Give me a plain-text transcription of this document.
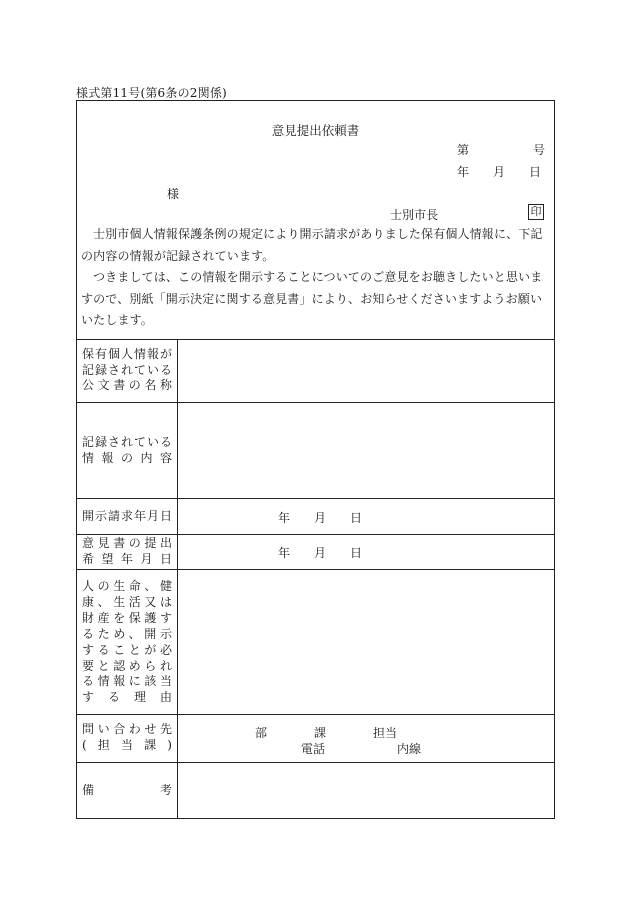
様式第11号(第6条の2関係)
意見提出依頼書
第	号
年 月 日
様
士別市長	印
士別市個人情報保護条例の規定により開示請求がありました保有個人情報に、下記の内容の情報が記録されています。
つきましては、この情報を開示することについてのご意見をお聴きしたいと思いますので、別紙「開示決定に関する意見書」により、お知らせくださいますようお願いいたします。
保有個人情報が
記録されている
公文書の名称
記録されている
情報の内容
開示請求年月日	年 月 日
意見書の提出
希望年月日	年 月 日
人の生命、健
康、生活又は
財産を保護す
るため、開示
することが必
要と認められ
る情報に該当
する理由
問い合わせ先
(担当課)
部	課	担当
電話	内線
備考
